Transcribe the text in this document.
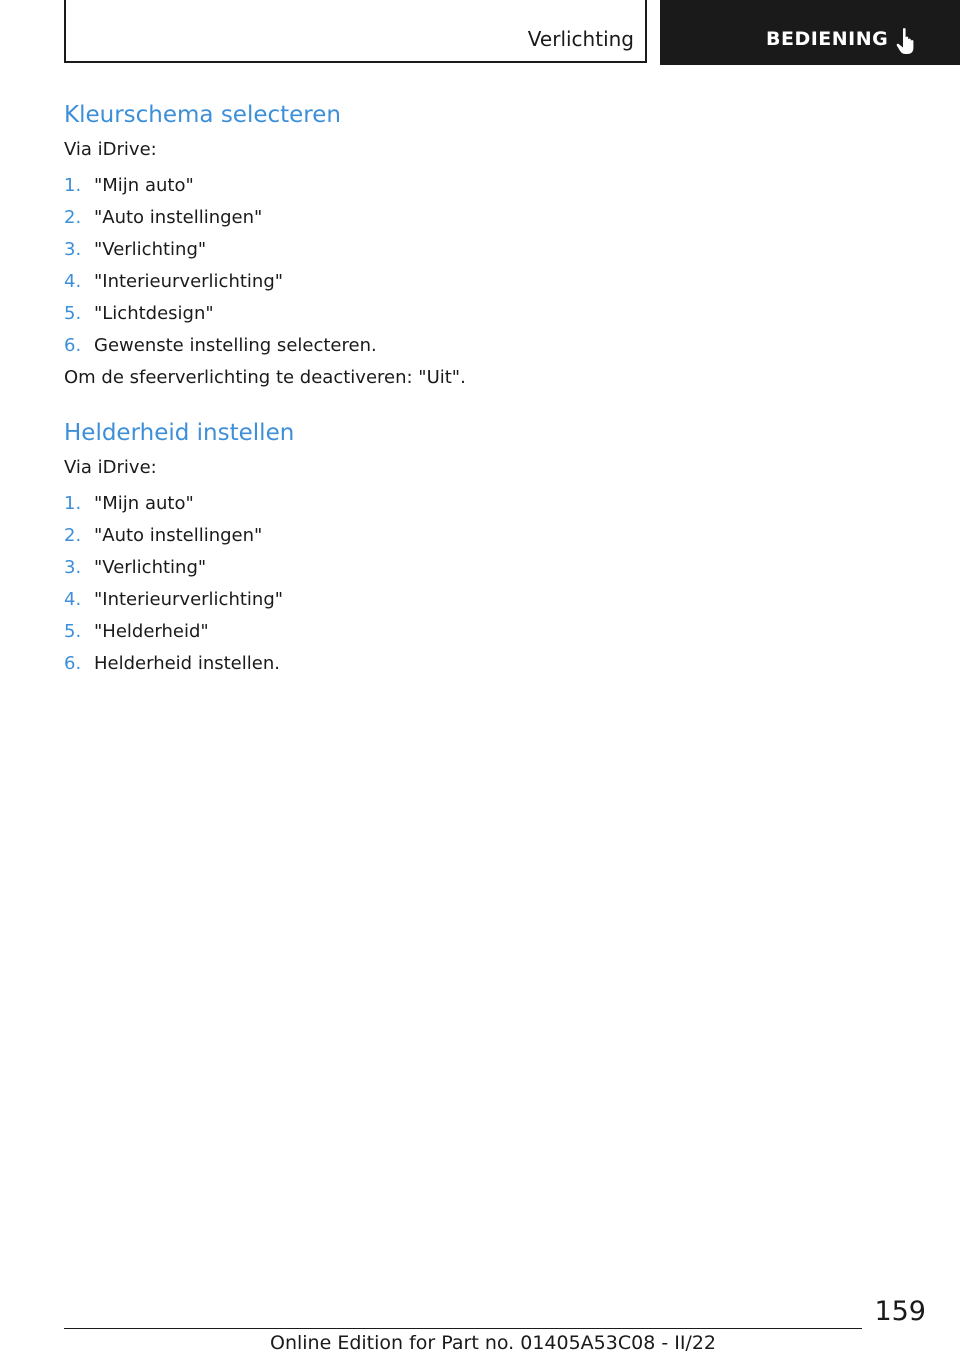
Verlichting	BEDIENING
Kleurschema selecteren

Via iDrive:

1. "Mijn auto"
2. "Auto instellingen"
3. "Verlichting"
4. "Interieurverlichting"
5. "Lichtdesign"
6. Gewenste instelling selecteren.

Om de sfeerverlichting te deactiveren: "Uit".

Helderheid instellen

Via iDrive:

1. "Mijn auto"
2. "Auto instellingen"
3. "Verlichting"
4. "Interieurverlichting"
5. "Helderheid"
6. Helderheid instellen.
159
Online Edition for Part no. 01405A53C08 - II/22
